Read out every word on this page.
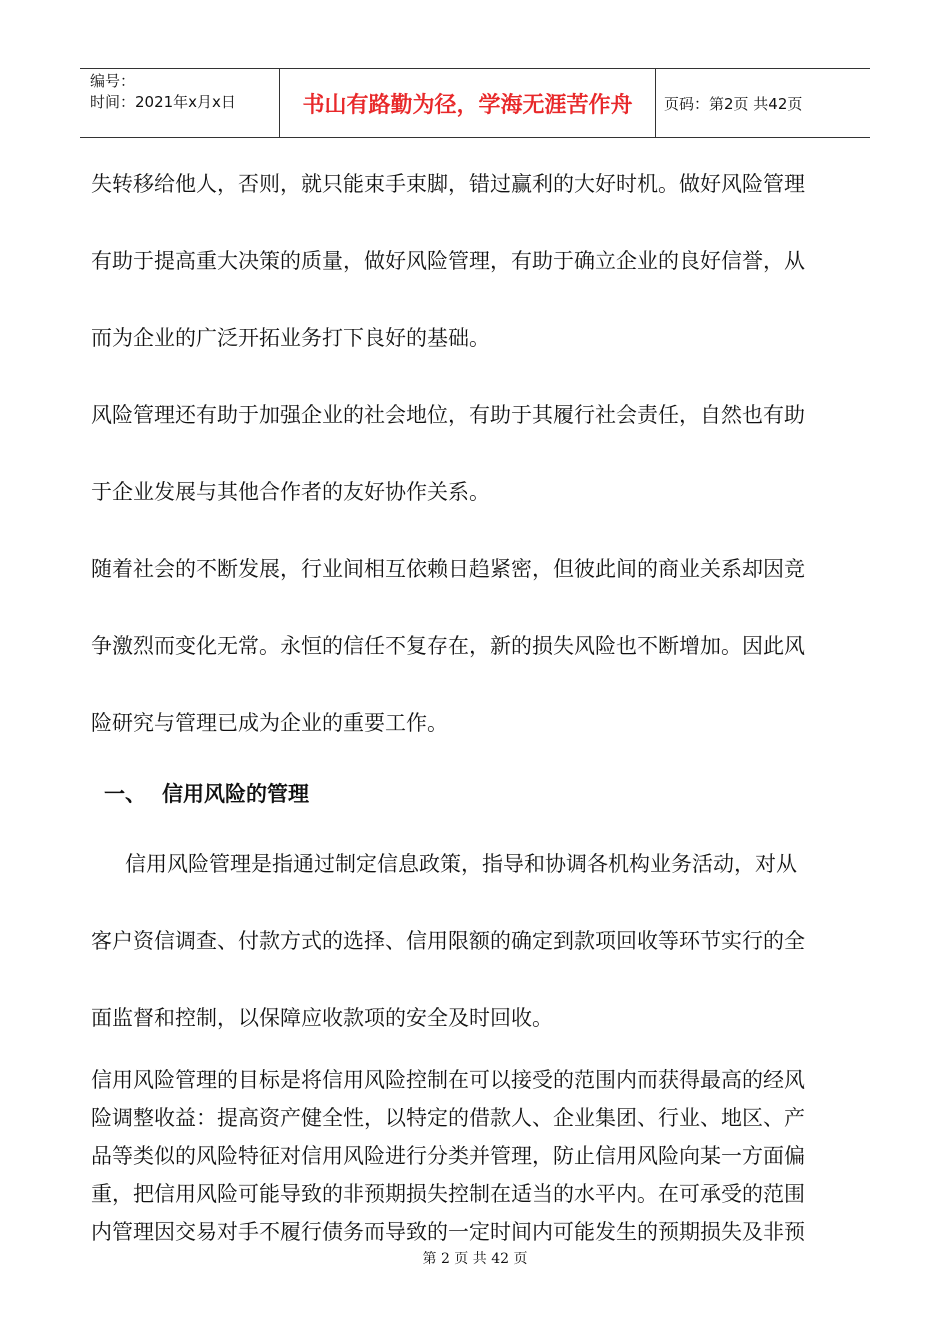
编号：
时间：2021年x月x日	书山有路勤为径，学海无涯苦作舟	页码：第2页 共42页

失转移给他人，否则，就只能束手束脚，错过赢利的大好时机。做好风险管理

有助于提高重大决策的质量，做好风险管理，有助于确立企业的良好信誉，从

而为企业的广泛开拓业务打下良好的基础。

风险管理还有助于加强企业的社会地位，有助于其履行社会责任，自然也有助

于企业发展与其他合作者的友好协作关系。

随着社会的不断发展，行业间相互依赖日趋紧密，但彼此间的商业关系却因竞

争激烈而变化无常。永恒的信任不复存在，新的损失风险也不断增加。因此风

险研究与管理已成为企业的重要工作。

一、 信用风险的管理

信用风险管理是指通过制定信息政策，指导和协调各机构业务活动，对从

客户资信调查、付款方式的选择、信用限额的确定到款项回收等环节实行的全

面监督和控制，以保障应收款项的安全及时回收。

信用风险管理的目标是将信用风险控制在可以接受的范围内而获得最高的经风

险调整收益：提高资产健全性，以特定的借款人、企业集团、行业、地区、产

品等类似的风险特征对信用风险进行分类并管理，防止信用风险向某一方面偏

重，把信用风险可能导致的非预期损失控制在适当的水平内。在可承受的范围

内管理因交易对手不履行债务而导致的一定时间内可能发生的预期损失及非预

第 2 页 共 42 页
